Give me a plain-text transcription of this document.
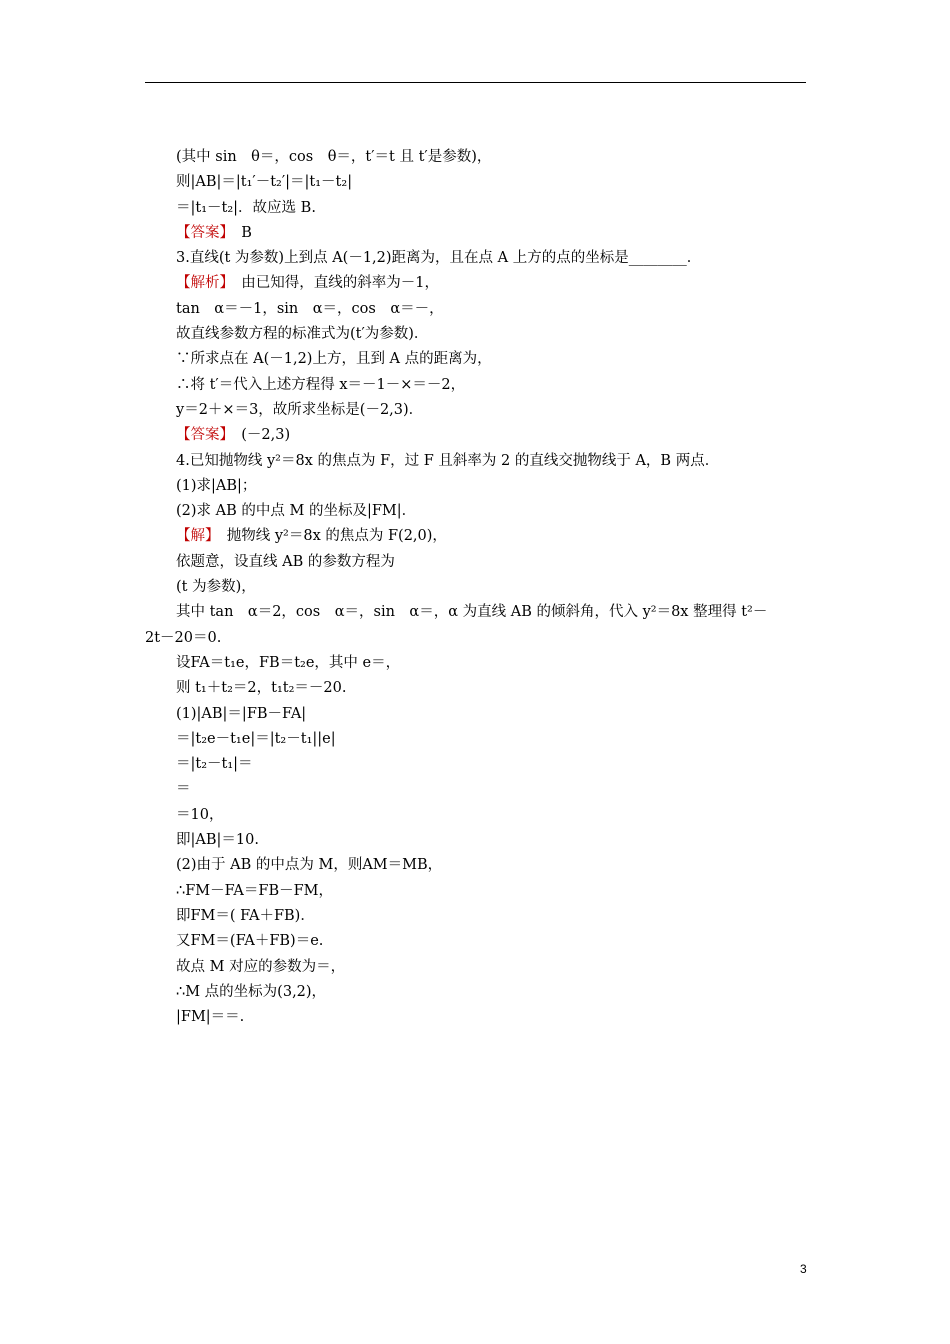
(其中 sin　θ＝，cos　θ＝，t′＝t 且 t′是参数)，
则|AB|＝|t₁′－t₂′|＝|t₁－t₂|
＝|t₁－t₂|．故应选 B.
【答案】　B
3.直线(t 为参数)上到点 A(－1,2)距离为，且在点 A 上方的点的坐标是________．
【解析】　由已知得，直线的斜率为－1，
tan　α＝－1，sin　α＝，cos　α＝－，
故直线参数方程的标准式为(t′为参数)．
∵所求点在 A(－1,2)上方，且到 A 点的距离为，
∴将 t′＝代入上述方程得 x＝－1－×＝－2，
y＝2＋×＝3，故所求坐标是(－2,3)．
【答案】　(－2,3)
4.已知抛物线 y²＝8x 的焦点为 F，过 F 且斜率为 2 的直线交抛物线于 A，B 两点．
(1)求|AB|；
(2)求 AB 的中点 M 的坐标及|FM|．
【解】　抛物线 y²＝8x 的焦点为 F(2,0)，
依题意，设直线 AB 的参数方程为
(t 为参数)，
其中 tan　α＝2，cos　α＝，sin　α＝，α 为直线 AB 的倾斜角，代入 y²＝8x 整理得 t²－
2t－20＝0.
设FA＝t₁e，FB＝t₂e，其中 e＝，
则 t₁＋t₂＝2，t₁t₂＝－20.
(1)|AB|＝|FB－FA|
＝|t₂e－t₁e|＝|t₂－t₁||e|
＝|t₂－t₁|＝
＝
＝10，
即|AB|＝10.
(2)由于 AB 的中点为 M，则AM＝MB，
∴FM－FA＝FB－FM，
即FM＝( FA＋FB)．
又FM＝(FA＋FB)＝e.
故点 M 对应的参数为＝，
∴M 点的坐标为(3,2)，
|FM|＝＝.
3
